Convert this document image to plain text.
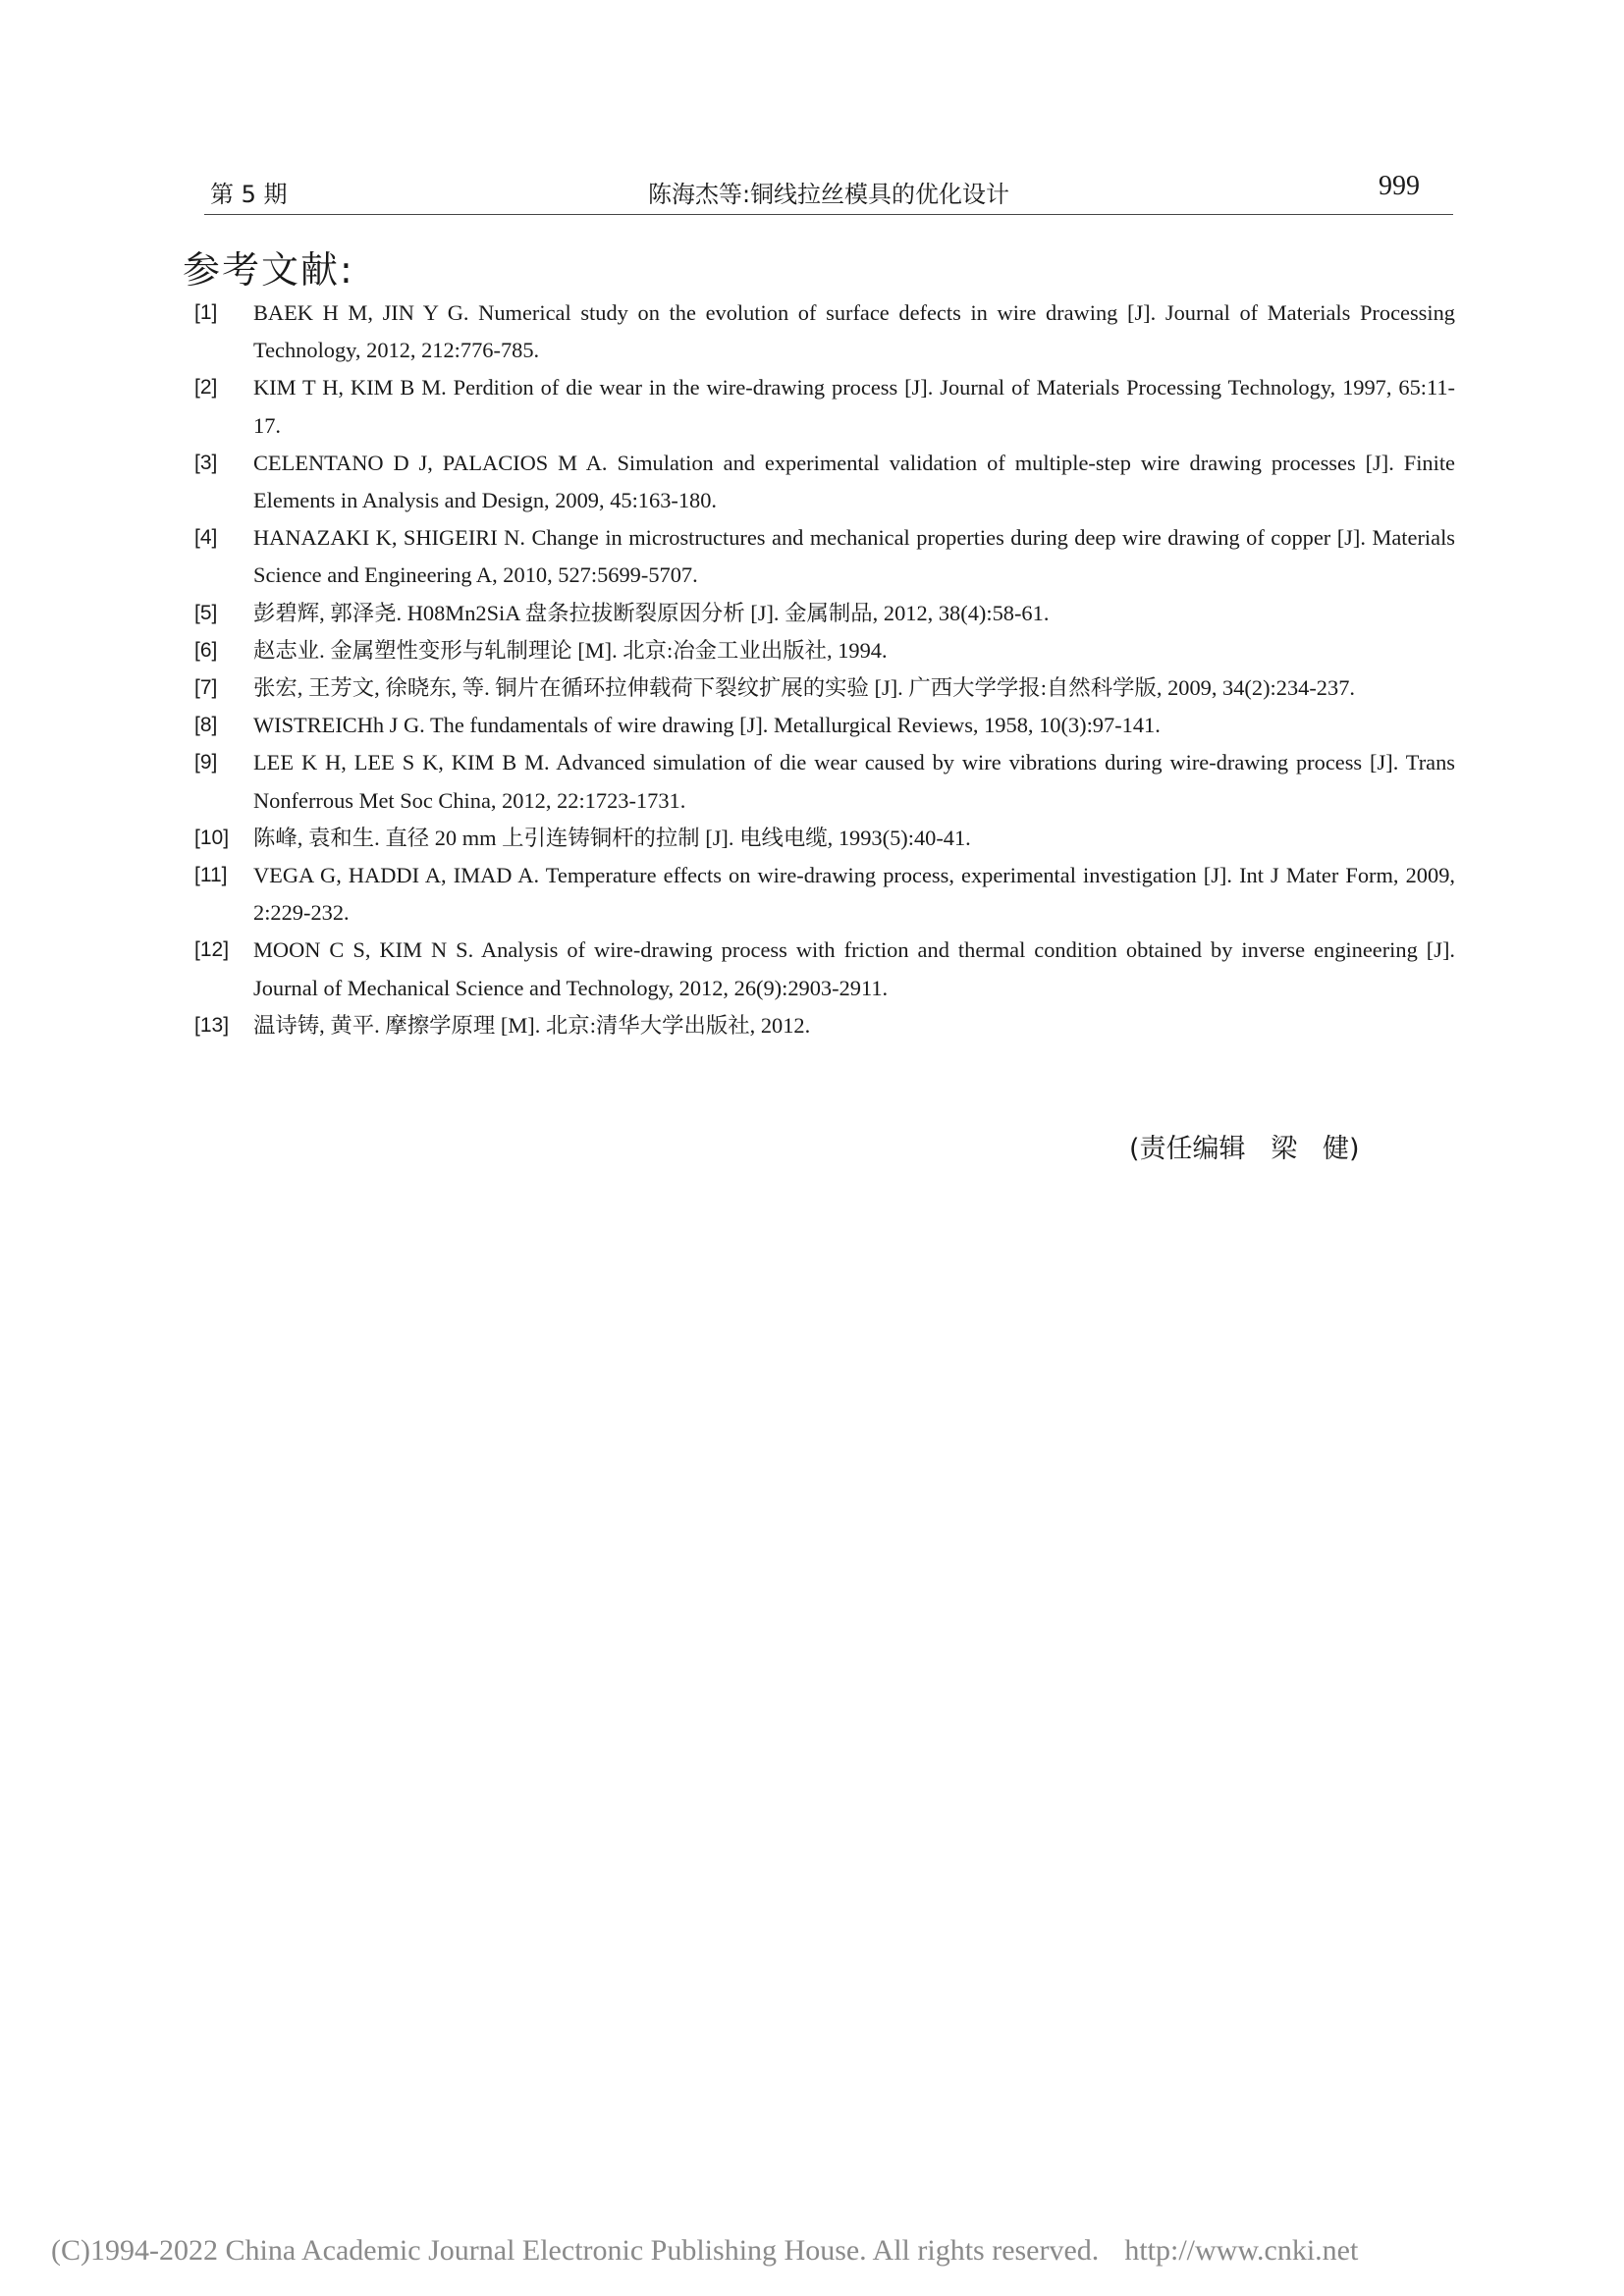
第 5 期	陈海杰等:铜线拉丝模具的优化设计	999
参考文献:
[1] BAEK H M, JIN Y G. Numerical study on the evolution of surface defects in wire drawing [J]. Journal of Materials Processing Technology, 2012, 212:776-785.
[2] KIM T H, KIM B M. Perdition of die wear in the wire-drawing process [J]. Journal of Materials Processing Technology, 1997, 65:11-17.
[3] CELENTANO D J, PALACIOS M A. Simulation and experimental validation of multiple-step wire drawing processes [J]. Finite Elements in Analysis and Design, 2009, 45:163-180.
[4] HANAZAKI K, SHIGEIRI N. Change in microstructures and mechanical properties during deep wire drawing of copper [J]. Materials Science and Engineering A, 2010, 527:5699-5707.
[5] 彭碧辉, 郭泽尧. H08Mn2SiA 盘条拉拔断裂原因分析 [J]. 金属制品, 2012, 38(4):58-61.
[6] 赵志业. 金属塑性变形与轧制理论 [M]. 北京:冶金工业出版社, 1994.
[7] 张宏, 王芳文, 徐晓东, 等. 铜片在循环拉伸载荷下裂纹扩展的实验 [J]. 广西大学学报:自然科学版, 2009, 34(2):234-237.
[8] WISTREICHh J G. The fundamentals of wire drawing [J]. Metallurgical Reviews, 1958, 10(3):97-141.
[9] LEE K H, LEE S K, KIM B M. Advanced simulation of die wear caused by wire vibrations during wire-drawing process [J]. Trans Nonferrous Met Soc China, 2012, 22:1723-1731.
[10] 陈峰, 袁和生. 直径 20 mm 上引连铸铜杆的拉制 [J]. 电线电缆, 1993(5):40-41.
[11] VEGA G, HADDI A, IMAD A. Temperature effects on wire-drawing process, experimental investigation [J]. Int J Mater Form, 2009, 2:229-232.
[12] MOON C S, KIM N S. Analysis of wire-drawing process with friction and thermal condition obtained by inverse engineering [J]. Journal of Mechanical Science and Technology, 2012, 26(9):2903-2911.
[13] 温诗铸, 黄平. 摩擦学原理 [M]. 北京:清华大学出版社, 2012.
(责任编辑   梁   健)
(C)1994-2022 China Academic Journal Electronic Publishing House. All rights reserved. http://www.cnki.net
